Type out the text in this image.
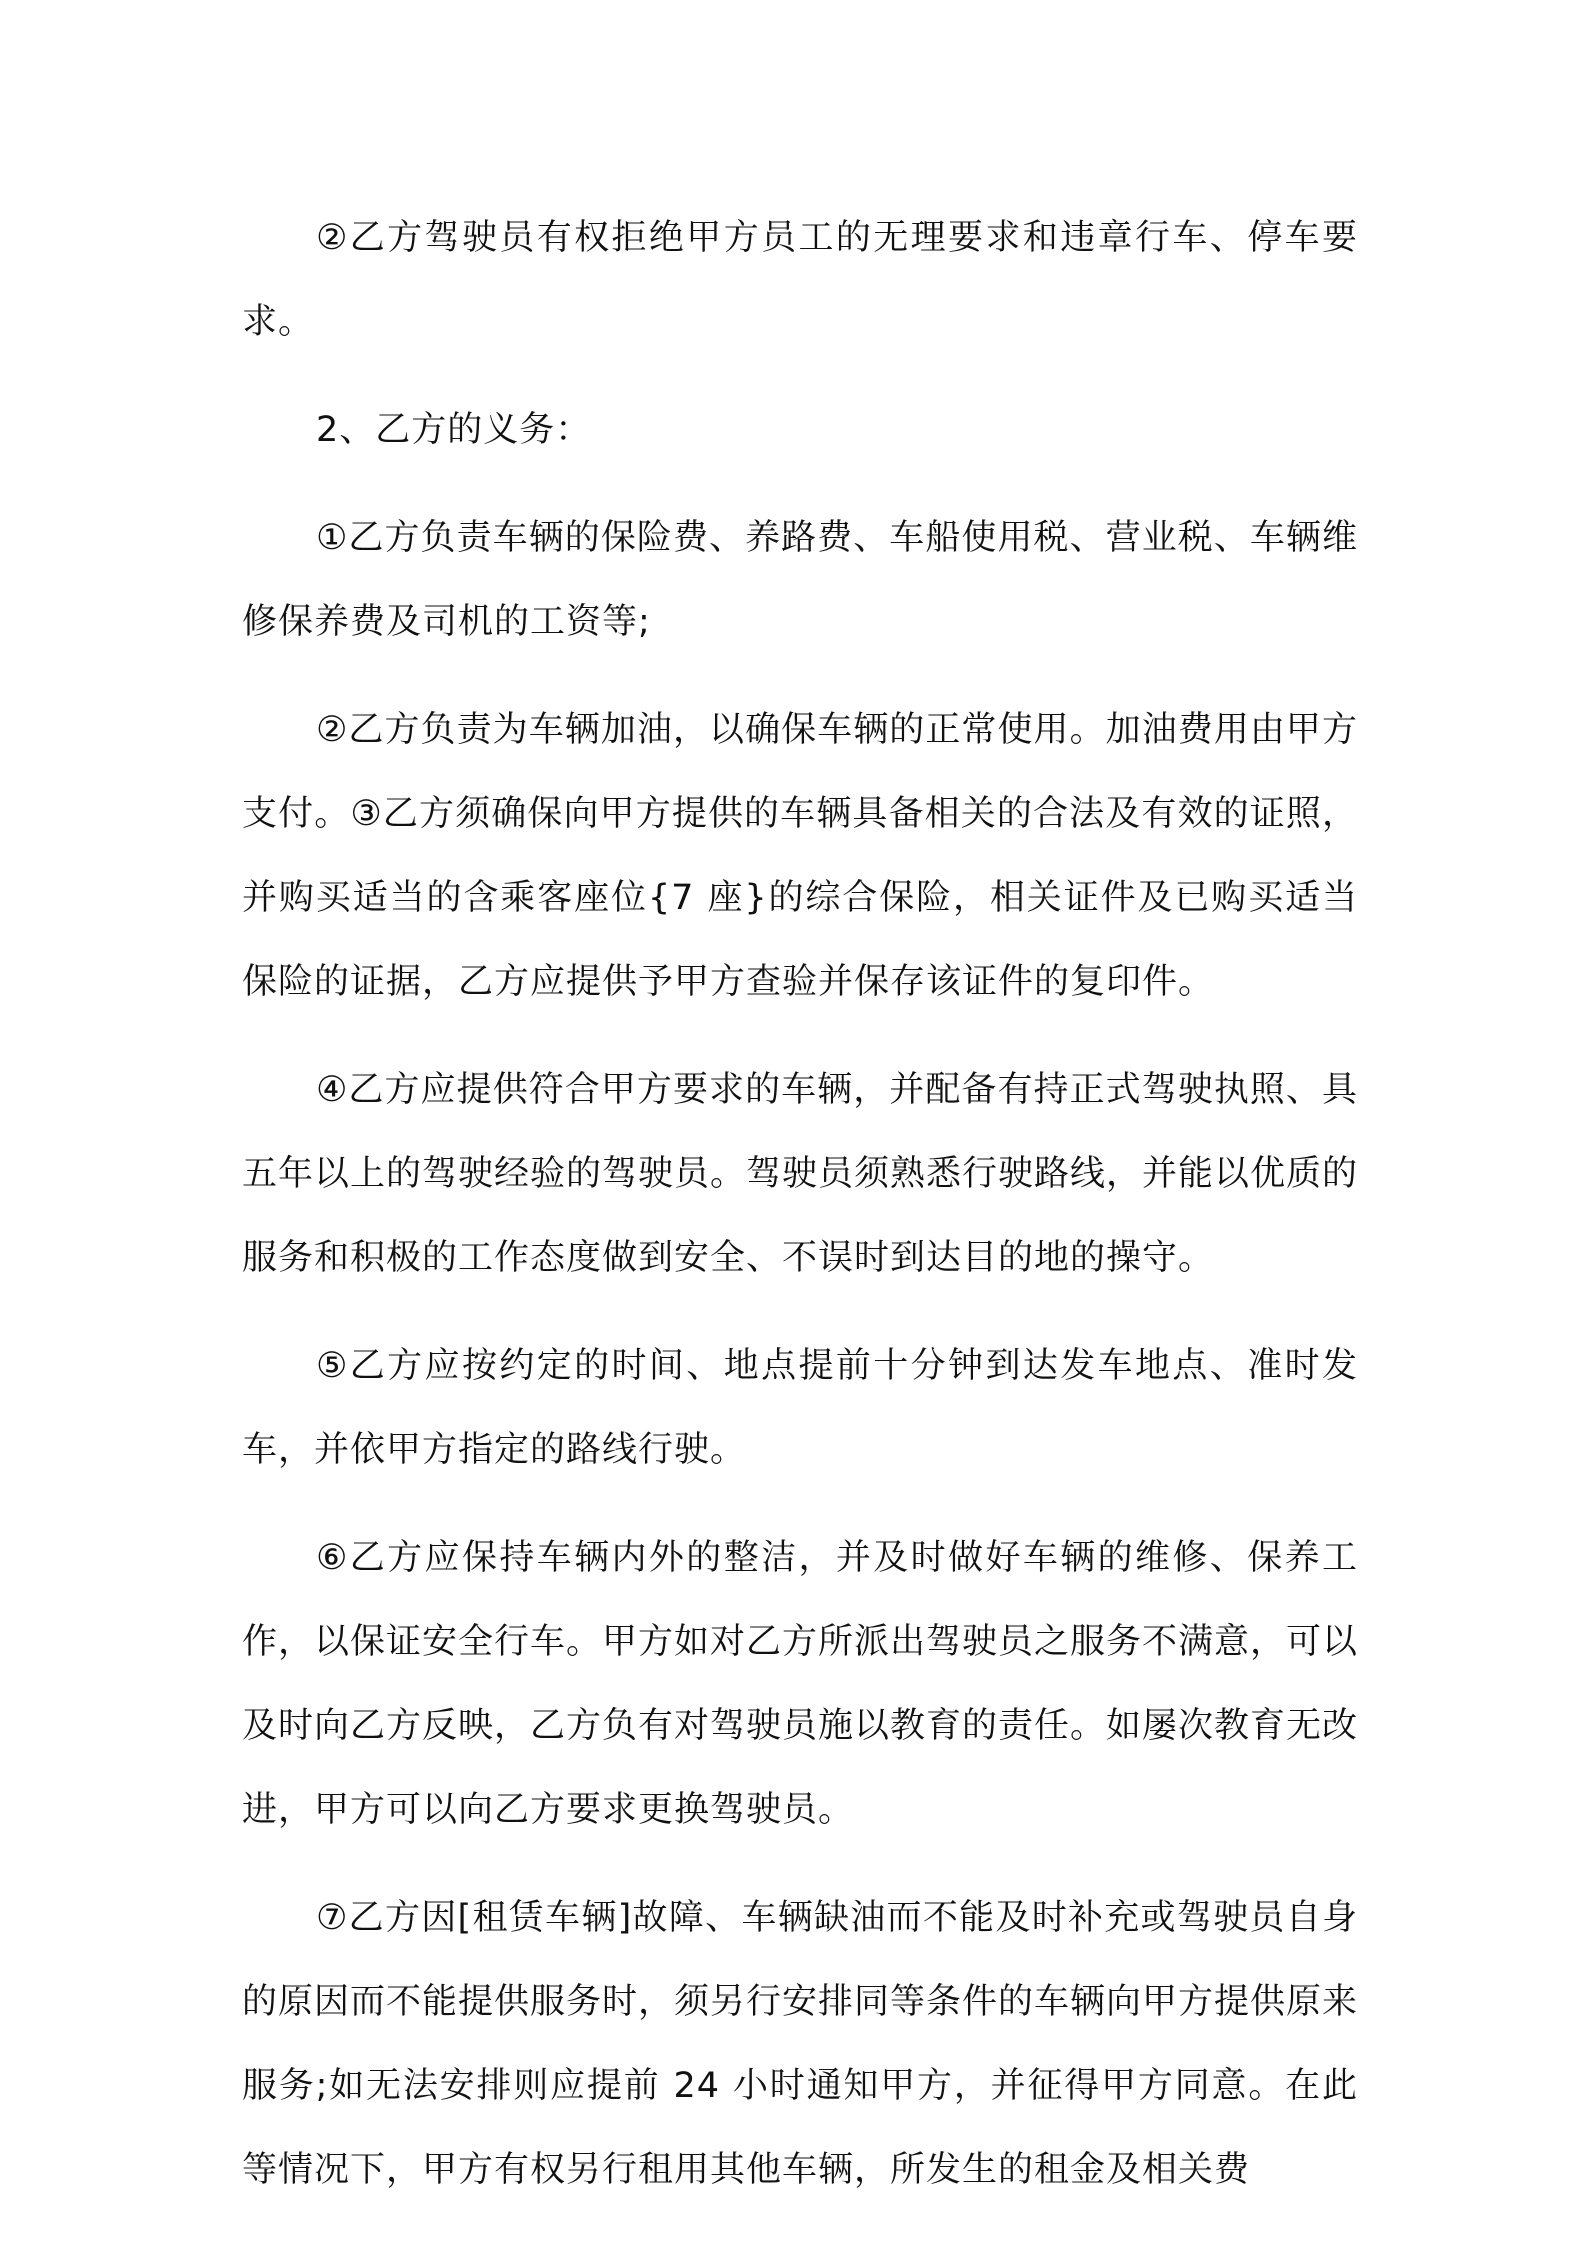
②乙方驾驶员有权拒绝甲方员工的无理要求和违章行车、停车要求。

2、乙方的义务：

①乙方负责车辆的保险费、养路费、车船使用税、营业税、车辆维修保养费及司机的工资等;

②乙方负责为车辆加油，以确保车辆的正常使用。加油费用由甲方支付。③乙方须确保向甲方提供的车辆具备相关的合法及有效的证照，并购买适当的含乘客座位{7 座}的综合保险，相关证件及已购买适当保险的证据，乙方应提供予甲方查验并保存该证件的复印件。

④乙方应提供符合甲方要求的车辆，并配备有持正式驾驶执照、具五年以上的驾驶经验的驾驶员。驾驶员须熟悉行驶路线，并能以优质的服务和积极的工作态度做到安全、不误时到达目的地的操守。

⑤乙方应按约定的时间、地点提前十分钟到达发车地点、准时发车，并依甲方指定的路线行驶。

⑥乙方应保持车辆内外的整洁，并及时做好车辆的维修、保养工作，以保证安全行车。甲方如对乙方所派出驾驶员之服务不满意，可以及时向乙方反映，乙方负有对驾驶员施以教育的责任。如屡次教育无改进，甲方可以向乙方要求更换驾驶员。

⑦乙方因[租赁车辆]故障、车辆缺油而不能及时补充或驾驶员自身的原因而不能提供服务时，须另行安排同等条件的车辆向甲方提供原来服务;如无法安排则应提前 24 小时通知甲方，并征得甲方同意。在此等情况下，甲方有权另行租用其他车辆，所发生的租金及相关费
